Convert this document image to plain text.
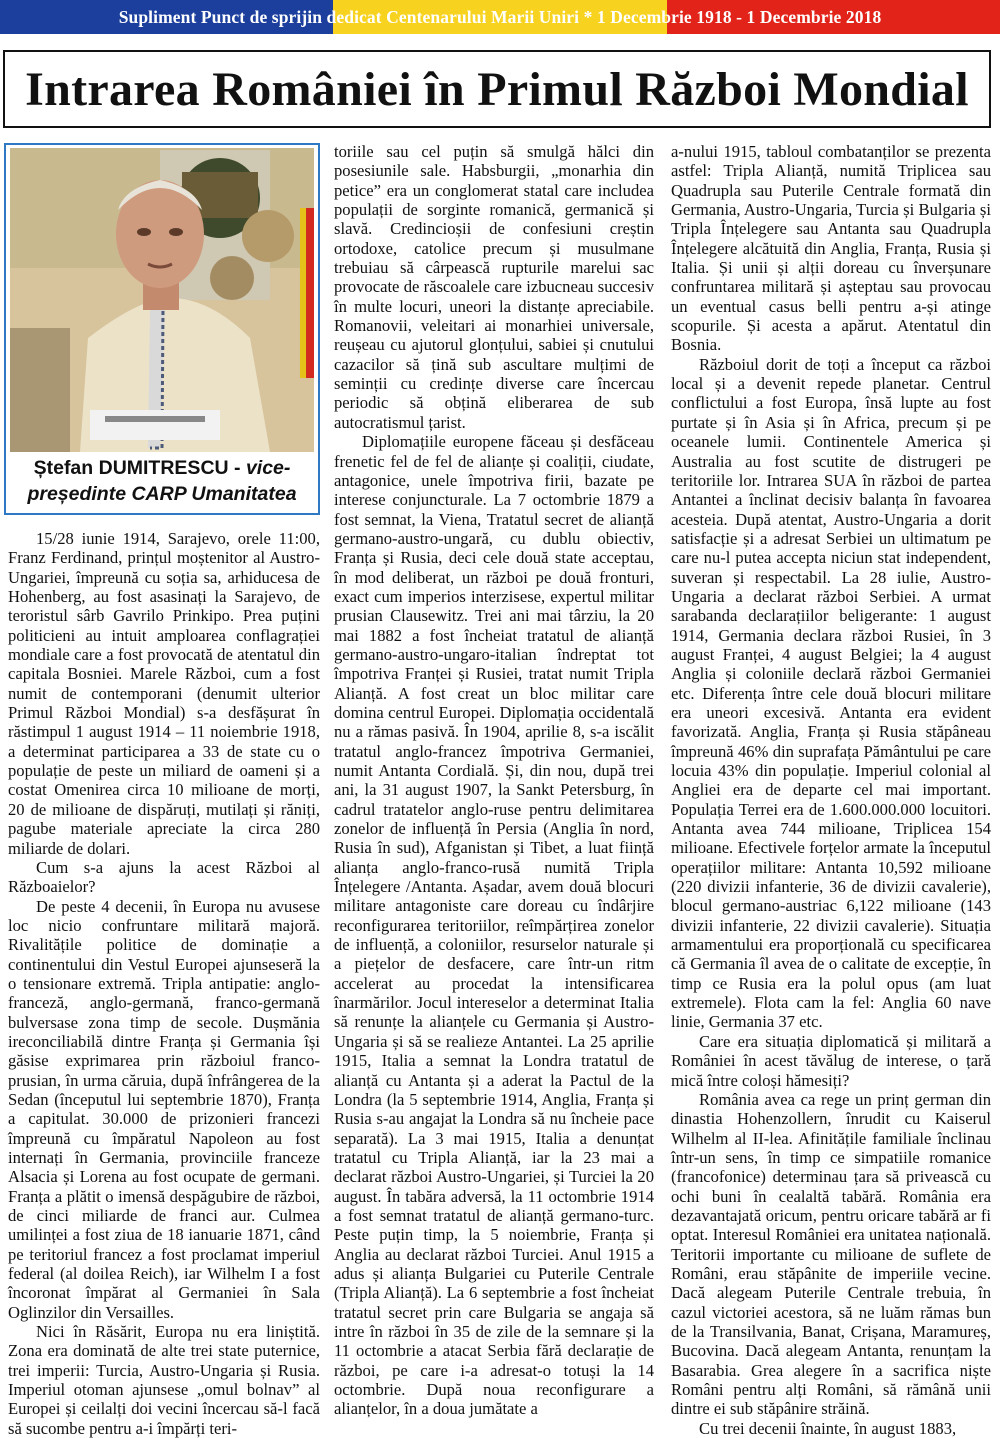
Supliment Punct de sprijin dedicat Centenarului Marii Uniri * 1 Decembrie 1918 - 1 Decembrie 2018
Intrarea României în Primul Război Mondial
Ștefan DUMITRESCU - vice-președinte CARP Umanitatea

15/28 iunie 1914, Sarajevo, orele 11:00, Franz Ferdinand, prințul moștenitor al Austro-Ungariei, împreună cu soția sa, arhiducesa de Hohenberg, au fost asasinați la Sarajevo, de teroristul sârb Gavrilo Prinkipo. Prea puțini politicieni au intuit amploarea conflagrației mondiale care a fost provocată de atentatul din capitala Bosniei. Marele Război, cum a fost numit de contemporani (denumit ulterior Primul Război Mondial) s-a desfășurat în răstimpul 1 august 1914 – 11 noiembrie 1918, a determinat participarea a 33 de state cu o populație de peste un miliard de oameni și a costat Omenirea circa 10 milioane de morți, 20 de milioane de dispăruți, mutilați și răniți, pagube materiale apreciate la circa 280 miliarde de dolari.

Cum s-a ajuns la acest Război al Războaielor?

De peste 4 decenii, în Europa nu avusese loc nicio confruntare militară majoră. Rivalitățile politice de dominație a continentului din Vestul Europei ajunseseră la o tensionare extremă. Tripla antipatie: anglo-franceză, anglo-germană, franco-germană bulversase zona timp de secole. Dușmănia ireconciliabilă dintre Franța și Germania își găsise exprimarea prin războiul franco-prusian, în urma căruia, după înfrângerea de la Sedan (începutul lui septembrie 1870), Franța a capitulat. 30.000 de prizonieri francezi împreună cu împăratul Napoleon au fost internați în Germania, provinciile franceze Alsacia și Lorena au fost ocupate de germani. Franța a plătit o imensă despăgubire de război, de cinci miliarde de franci aur. Culmea umilinței a fost ziua de 18 ianuarie 1871, când pe teritoriul francez a fost proclamat imperiul federal (al doilea Reich), iar Wilhelm I a fost încoronat împărat al Germaniei în Sala Oglinzilor din Versailles.

Nici în Răsărit, Europa nu era liniștită. Zona era dominată de alte trei state puternice, trei imperii: Turcia, Austro-Ungaria și Rusia. Imperiul otoman ajunsese „omul bolnav” al Europei și ceilalți doi vecini încercau să-l facă să sucombe pentru a-i împărți teri-

toriile sau cel puțin să smulgă hălci din posesiunile sale. Habsburgii, „monarhia din petice” era un conglomerat statal care includea populații de sorginte romanică, germanică și slavă. Credincioșii de confesiuni creștin ortodoxe, catolice precum și musulmane trebuiau să cârpească rupturile marelui sac provocate de răscoalele care izbucneau succesiv în multe locuri, uneori la distanțe apreciabile. Romanovii, veleitari ai monarhiei universale, reușeau cu ajutorul glonțului, sabiei și cnutului cazacilor să țină sub ascultare mulțimi de seminții cu credințe diverse care încercau periodic să obțină eliberarea de sub autocratismul țarist.

Diplomațiile europene făceau și desfăceau frenetic fel de fel de alianțe și coaliții, ciudate, antagonice, unele împotriva firii, bazate pe interese conjuncturale. La 7 octombrie 1879 a fost semnat, la Viena, Tratatul secret de alianță germano-austro-ungară, cu dublu obiectiv, Franța și Rusia, deci cele două state acceptau, în mod deliberat, un război pe două fronturi, exact cum imperios interzisese, expertul militar prusian Clausewitz. Trei ani mai târziu, la 20 mai 1882 a fost încheiat tratatul de alianță germano-austro-ungaro-italian îndreptat tot împotriva Franței și Rusiei, tratat numit Tripla Alianță. A fost creat un bloc militar care domina centrul Europei. Diplomația occidentală nu a rămas pasivă. În 1904, aprilie 8, s-a iscălit tratatul anglo-francez împotriva Germaniei, numit Antanta Cordială. Și, din nou, după trei ani, la 31 august 1907, la Sankt Petersburg, în cadrul tratatelor anglo-ruse pentru delimitarea zonelor de influență în Persia (Anglia în nord, Rusia în sud), Afganistan și Tibet, a luat ființă alianța anglo-franco-rusă numită Tripla Înțelegere /Antanta. Așadar, avem două blocuri militare antagoniste care doreau cu îndârjire reconfigurarea teritoriilor, reîmpărțirea zonelor de influență, a coloniilor, resurselor naturale și a piețelor de desfacere, care într-un ritm accelerat au procedat la intensificarea înarmărilor. Jocul intereselor a determinat Italia să renunțe la alianțele cu Germania și Austro-Ungaria și să se realieze Antantei. La 25 aprilie 1915, Italia a semnat la Londra tratatul de alianță cu Antanta și a aderat la Pactul de la Londra (la 5 septembrie 1914, Anglia, Franța și Rusia s-au angajat la Londra să nu încheie pace separată). La 3 mai 1915, Italia a denunțat tratatul cu Tripla Alianță, iar la 23 mai a declarat război Austro-Ungariei, și Turciei la 20 august. În tabăra adversă, la 11 octombrie 1914 a fost semnat tratatul de alianță germano-turc. Peste puțin timp, la 5 noiembrie, Franța și Anglia au declarat război Turciei. Anul 1915 a adus și alianța Bulgariei cu Puterile Centrale (Tripla Alianță). La 6 septembrie a fost încheiat tratatul secret prin care Bulgaria se angaja să intre în război în 35 de zile de la semnare și la 11 octombrie a atacat Serbia fără declarație de război, pe care i-a adresat-o totuși la 14 octombrie. După noua reconfigurare a alianțelor, în a doua jumătate a

a-nului 1915, tabloul combatanților se prezenta astfel: Tripla Alianță, numită Triplicea sau Quadrupla sau Puterile Centrale formată din Germania, Austro-Ungaria, Turcia și Bulgaria și Tripla Înțelegere sau Antanta sau Quadrupla Înțelegere alcătuită din Anglia, Franța, Rusia și Italia. Și unii și alții doreau cu înverșunare confruntarea militară și așteptau sau provocau un eventual casus belli pentru a-și atinge scopurile. Și acesta a apărut. Atentatul din Bosnia.

Războiul dorit de toți a început ca război local și a devenit repede planetar. Centrul conflictului a fost Europa, însă lupte au fost purtate și în Asia și în Africa, precum și pe oceanele lumii. Continentele America și Australia au fost scutite de distrugeri pe teritoriile lor. Intrarea SUA în război de partea Antantei a înclinat decisiv balanța în favoarea acesteia. După atentat, Austro-Ungaria a dorit satisfacție și a adresat Serbiei un ultimatum pe care nu-l putea accepta niciun stat independent, suveran și respectabil. La 28 iulie, Austro-Ungaria a declarat război Serbiei. A urmat sarabanda declarațiilor beligerante: 1 august 1914, Germania declara război Rusiei, în 3 august Franței, 4 august Belgiei; la 4 august Anglia și coloniile declară război Germaniei etc. Diferența între cele două blocuri militare era uneori excesivă. Antanta era evident favorizată. Anglia, Franța și Rusia stăpâneau împreună 46% din suprafața Pământului pe care locuia 43% din populație. Imperiul colonial al Angliei era de departe cel mai important. Populația Terrei era de 1.600.000.000 locuitori. Antanta avea 744 milioane, Triplicea 154 milioane. Efectivele forțelor armate la începutul operațiilor militare: Antanta 10,592 milioane (220 divizii infanterie, 36 de divizii cavalerie), blocul germano-austriac 6,122 milioane (143 divizii infanterie, 22 divizii cavalerie). Situația armamentului era proporțională cu specificarea că Germania îl avea de o calitate de excepție, în timp ce Rusia era la polul opus (am luat extremele). Flota cam la fel: Anglia 60 nave linie, Germania 37 etc.

Care era situația diplomatică și militară a României în acest tăvălug de interese, o țară mică între coloși hămesiți?

România avea ca rege un prinț german din dinastia Hohenzollern, înrudit cu Kaiserul Wilhelm al II-lea. Afinitățile familiale înclinau într-un sens, în timp ce simpatiile romanice (francofonice) determinau țara să privească cu ochi buni în cealaltă tabără. România era dezavantajată oricum, pentru oricare tabără ar fi optat. Interesul României era unitatea națională. Teritorii importante cu milioane de suflete de Români, erau stăpânite de imperiile vecine. Dacă alegeam Puterile Centrale trebuia, în cazul victoriei acestora, să ne luăm rămas bun de la Transilvania, Banat, Crișana, Maramureș, Bucovina. Dacă alegeam Antanta, renunțam la Basarabia. Grea alegere în a sacrifica niște Români pentru alți Români, să rămână unii dintre ei sub stăpânire străină.

Cu trei decenii înainte, în august 1883,
